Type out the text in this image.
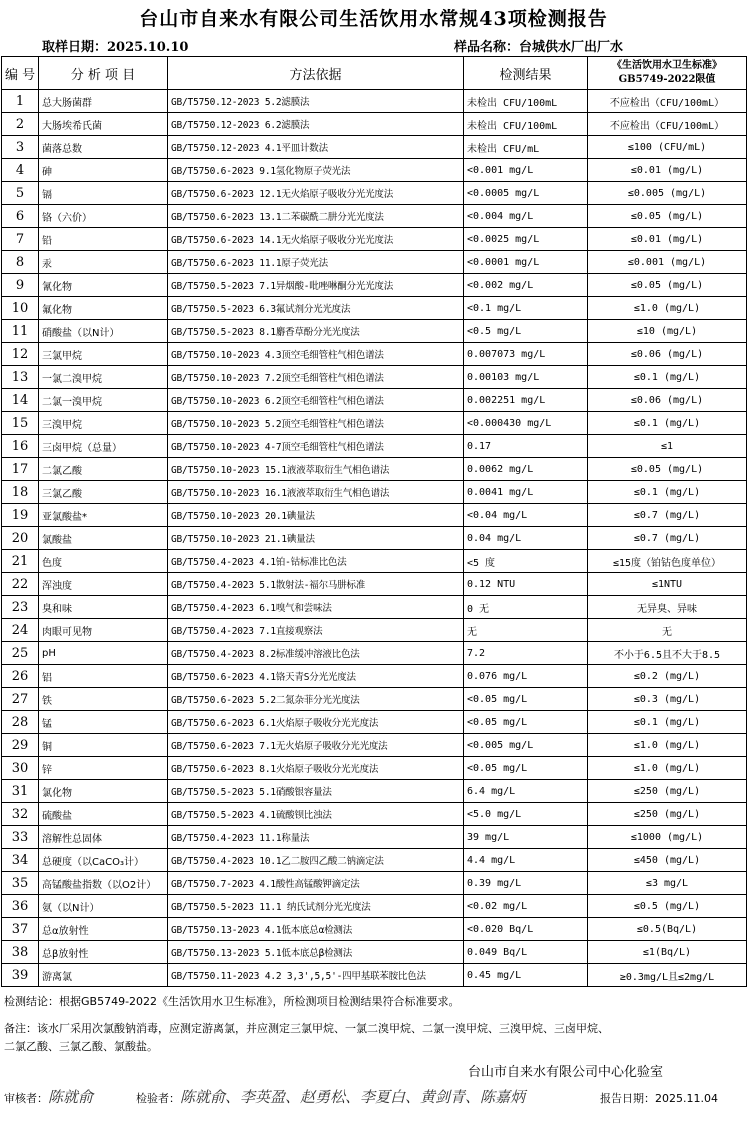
台山市自来水有限公司生活饮用水常规43项检测报告
取样日期：2025.10.10	样品名称：台城供水厂出厂水
编 号	分 析 项 目	方法依据	检测结果	《生活饮用水卫生标准》
GB5749-2022限值

1	总大肠菌群	GB/T5750.12-2023 5.2滤膜法	未检出 CFU/100mL	不应检出（CFU/100mL）
2	大肠埃希氏菌	GB/T5750.12-2023 6.2滤膜法	未检出 CFU/100mL	不应检出（CFU/100mL）
3	菌落总数	GB/T5750.12-2023 4.1平皿计数法	未检出 CFU/mL	≤100 (CFU/mL)
4	砷	GB/T5750.6-2023 9.1氢化物原子荧光法	<0.001 mg/L	≤0.01 (mg/L)
5	镉	GB/T5750.6-2023 12.1无火焰原子吸收分光光度法	<0.0005 mg/L	≤0.005 (mg/L)
6	铬（六价）	GB/T5750.6-2023 13.1二苯碳酰二肼分光光度法	<0.004 mg/L	≤0.05 (mg/L)
7	铅	GB/T5750.6-2023 14.1无火焰原子吸收分光光度法	<0.0025 mg/L	≤0.01 (mg/L)
8	汞	GB/T5750.6-2023 11.1原子荧光法	<0.0001 mg/L	≤0.001 (mg/L)
9	氰化物	GB/T5750.5-2023 7.1异烟酸-吡唑啉酮分光光度法	<0.002 mg/L	≤0.05 (mg/L)
10	氟化物	GB/T5750.5-2023 6.3氟试剂分光光度法	<0.1 mg/L	≤1.0 (mg/L)
11	硝酸盐（以N计）	GB/T5750.5-2023 8.1麝香草酚分光光度法	<0.5 mg/L	≤10 (mg/L)
12	三氯甲烷	GB/T5750.10-2023 4.3顶空毛细管柱气相色谱法	0.007073 mg/L	≤0.06 (mg/L)
13	一氯二溴甲烷	GB/T5750.10-2023 7.2顶空毛细管柱气相色谱法	0.00103 mg/L	≤0.1 (mg/L)
14	二氯一溴甲烷	GB/T5750.10-2023 6.2顶空毛细管柱气相色谱法	0.002251 mg/L	≤0.06 (mg/L)
15	三溴甲烷	GB/T5750.10-2023 5.2顶空毛细管柱气相色谱法	<0.000430 mg/L	≤0.1 (mg/L)
16	三卤甲烷（总量）	GB/T5750.10-2023 4-7顶空毛细管柱气相色谱法	0.17	≤1
17	二氯乙酸	GB/T5750.10-2023 15.1液液萃取衍生气相色谱法	0.0062 mg/L	≤0.05 (mg/L)
18	三氯乙酸	GB/T5750.10-2023 16.1液液萃取衍生气相色谱法	0.0041 mg/L	≤0.1 (mg/L)
19	亚氯酸盐*	GB/T5750.10-2023 20.1碘量法	<0.04 mg/L	≤0.7 (mg/L)
20	氯酸盐	GB/T5750.10-2023 21.1碘量法	0.04 mg/L	≤0.7 (mg/L)
21	色度	GB/T5750.4-2023 4.1铂-钴标准比色法	<5 度	≤15度（铂钴色度单位）
22	浑浊度	GB/T5750.4-2023 5.1散射法-福尔马肼标准	0.12 NTU	≤1NTU
23	臭和味	GB/T5750.4-2023 6.1嗅气和尝味法	0 无	无异臭、异味
24	肉眼可见物	GB/T5750.4-2023 7.1直接观察法	无	无
25	pH	GB/T5750.4-2023 8.2标准缓冲溶液比色法	7.2	不小于6.5且不大于8.5
26	铝	GB/T5750.6-2023 4.1铬天青S分光光度法	0.076 mg/L	≤0.2 (mg/L)
27	铁	GB/T5750.6-2023 5.2二氮杂菲分光光度法	<0.05 mg/L	≤0.3 (mg/L)
28	锰	GB/T5750.6-2023 6.1火焰原子吸收分光光度法	<0.05 mg/L	≤0.1 (mg/L)
29	铜	GB/T5750.6-2023 7.1无火焰原子吸收分光光度法	<0.005 mg/L	≤1.0 (mg/L)
30	锌	GB/T5750.6-2023 8.1火焰原子吸收分光光度法	<0.05 mg/L	≤1.0 (mg/L)
31	氯化物	GB/T5750.5-2023 5.1硝酸银容量法	6.4 mg/L	≤250 (mg/L)
32	硫酸盐	GB/T5750.5-2023 4.1硫酸钡比浊法	<5.0 mg/L	≤250 (mg/L)
33	溶解性总固体	GB/T5750.4-2023 11.1称量法	39 mg/L	≤1000 (mg/L)
34	总硬度（以CaCO₃计）	GB/T5750.4-2023 10.1乙二胺四乙酸二钠滴定法	4.4 mg/L	≤450 (mg/L)
35	高锰酸盐指数（以O2计）	GB/T5750.7-2023 4.1酸性高锰酸钾滴定法	0.39 mg/L	≤3 mg/L
36	氨（以N计）	GB/T5750.5-2023 11.1 纳氏试剂分光光度法	<0.02 mg/L	≤0.5 (mg/L)
37	总α放射性	GB/T5750.13-2023 4.1低本底总α检测法	<0.020 Bq/L	≤0.5(Bq/L)
38	总β放射性	GB/T5750.13-2023 5.1低本底总β检测法	0.049 Bq/L	≤1(Bq/L)
39	游离氯	GB/T5750.11-2023 4.2 3,3',5,5'-四甲基联苯胺比色法	0.45 mg/L	≥0.3mg/L且≤2mg/L
检测结论：根据GB5749-2022《生活饮用水卫生标准》，所检测项目检测结果符合标准要求。
备注：该水厂采用次氯酸钠消毒，应测定游离氯，并应测定三氯甲烷、一氯二溴甲烷、二氯一溴甲烷、三溴甲烷、三卤甲烷、
二氯乙酸、三氯乙酸、氯酸盐。
台山市自来水有限公司中心化验室
审核者：陈就俞	检验者：陈就俞、李英盈、赵勇松、李夏白、黄剑青、陈嘉炳	报告日期：2025.11.04
